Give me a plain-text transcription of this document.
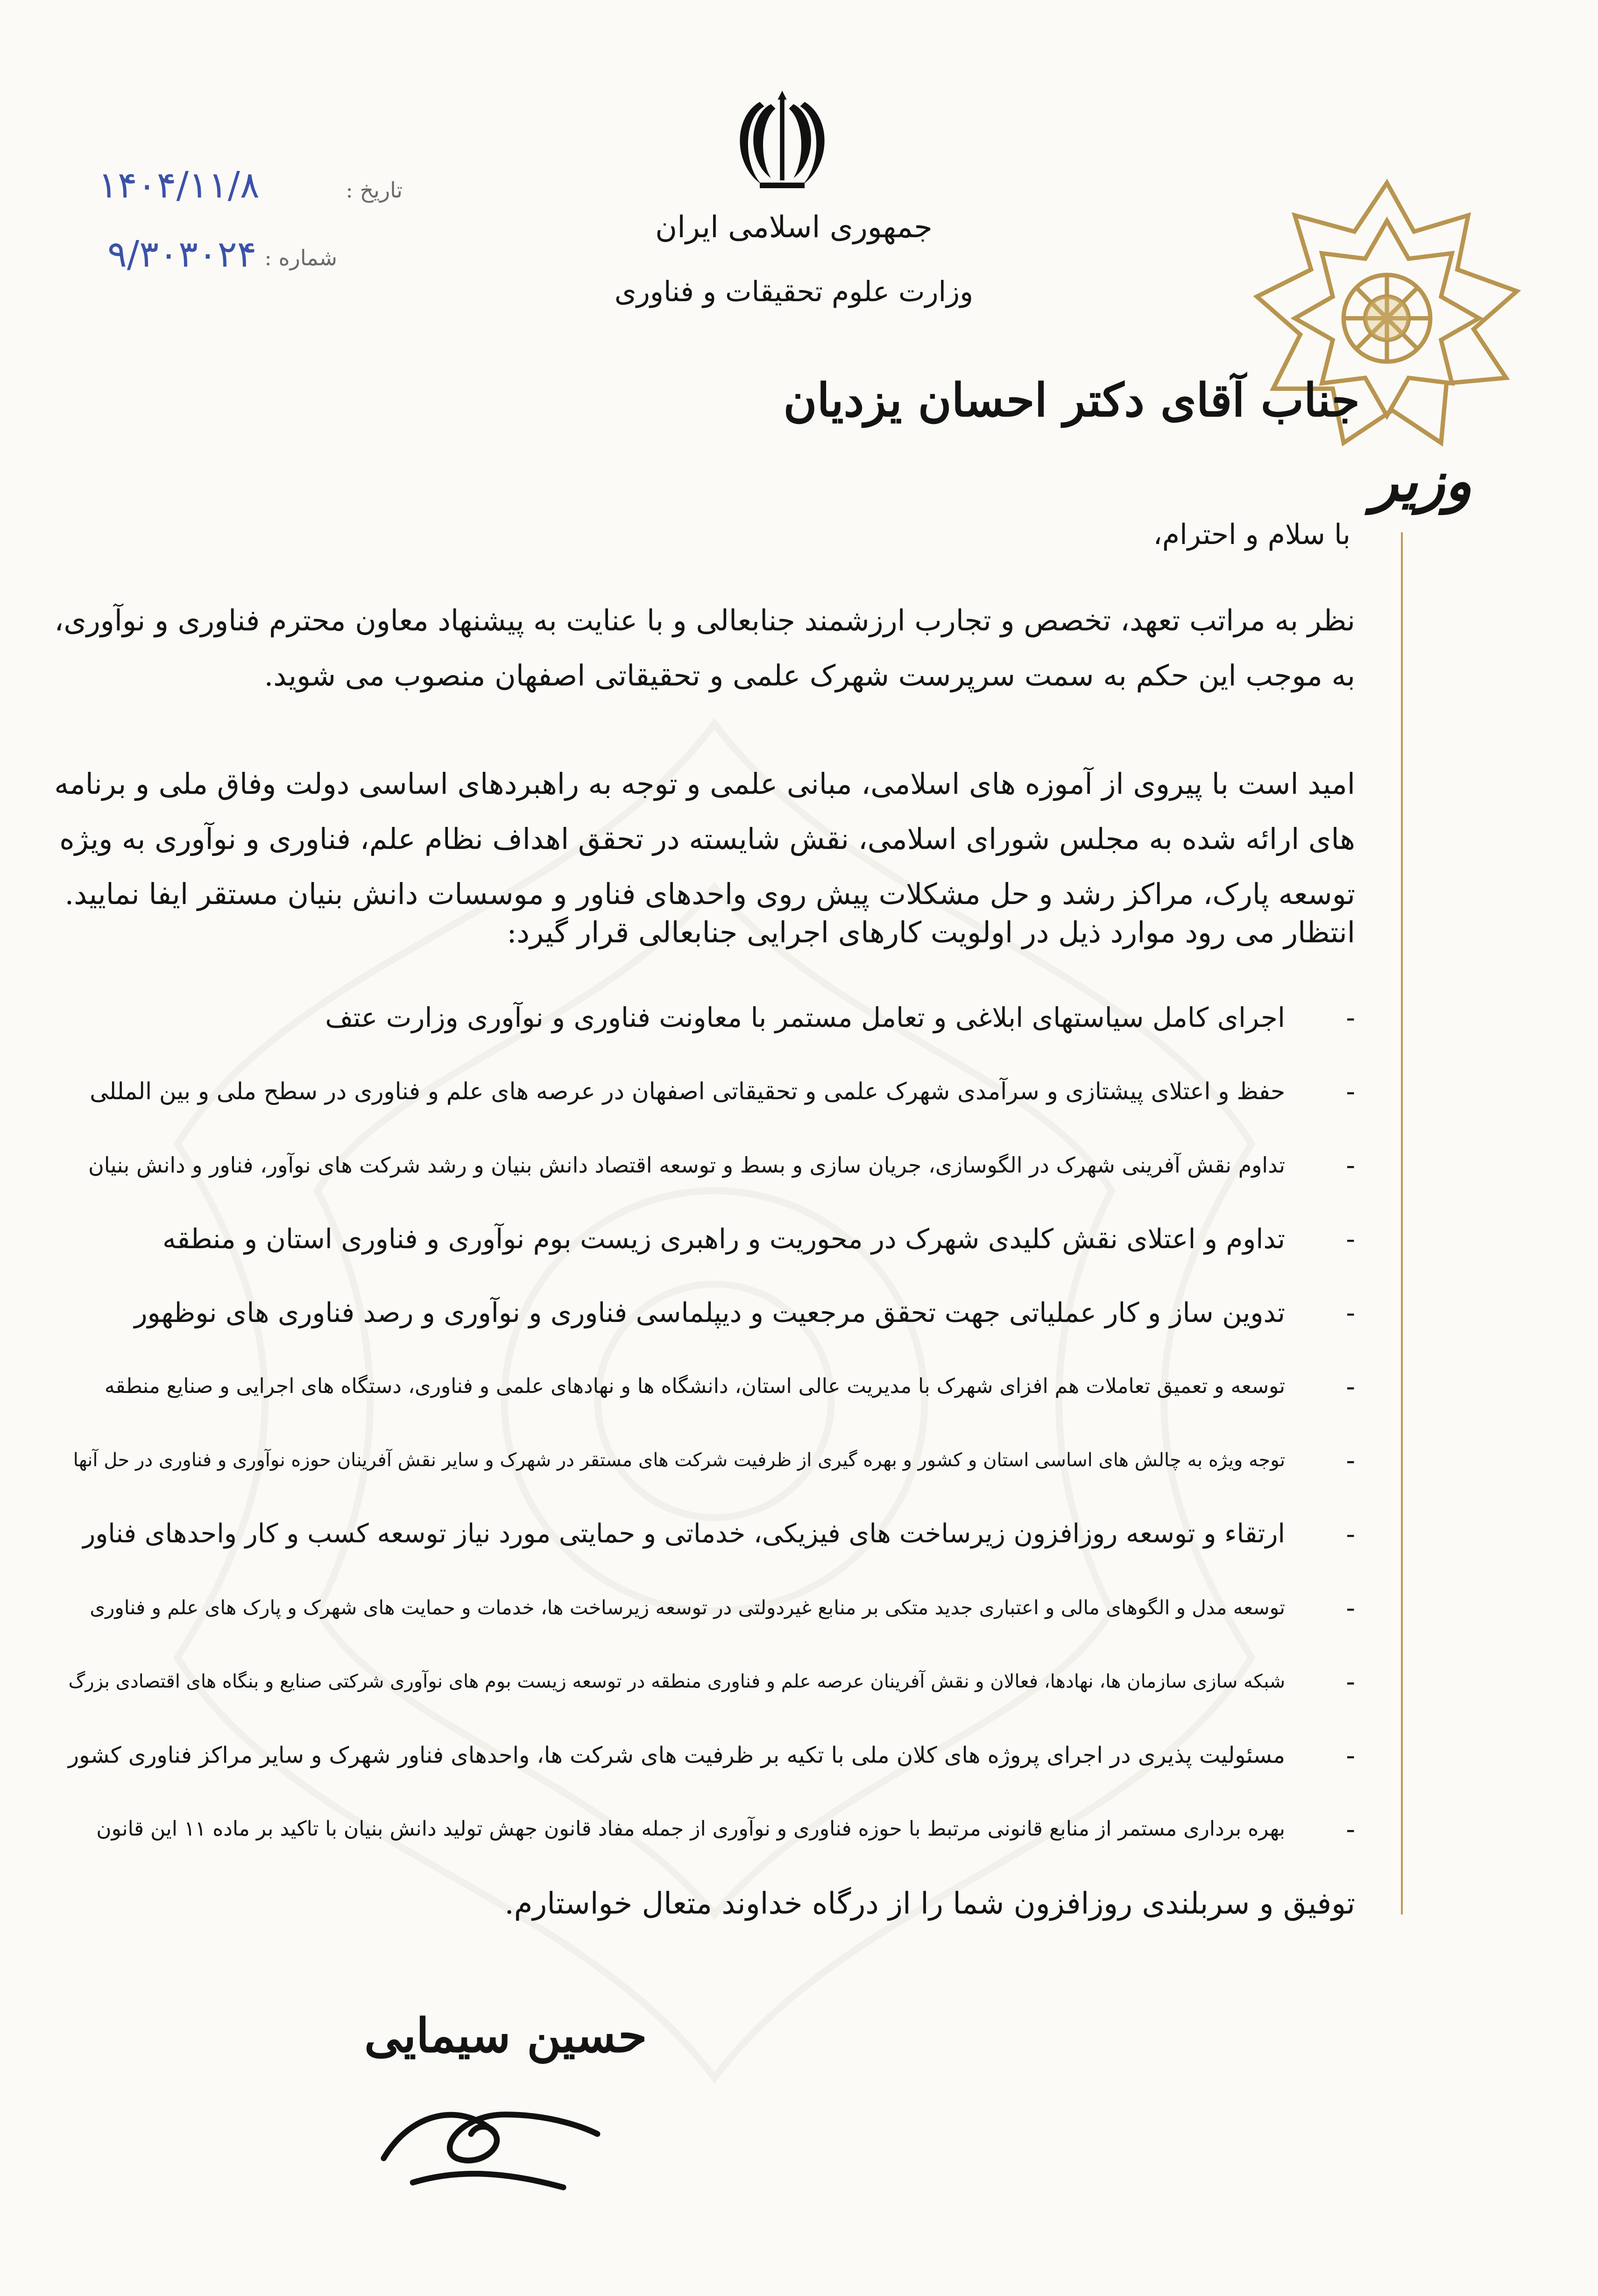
جمهوری اسلامی ایران
وزارت علوم تحقیقات و فناوری
تاریخ :
۱۴۰۴/۱۱/۸
شماره :
۹/۳۰۳۰۲۴
جناب آقای دکتر احسان یزدیان
وزیر
با سلام و احترام،
نظر به مراتب تعهد، تخصص و تجارب ارزشمند جنابعالی و با عنایت به پیشنهاد معاون محترم فناوری و نوآوری، به موجب این حکم به سمت سرپرست شهرک علمی و تحقیقاتی اصفهان منصوب می شوید.
امید است با پیروی از آموزه های اسلامی، مبانی علمی و توجه به راهبردهای اساسی دولت وفاق ملی و برنامه های ارائه شده به مجلس شورای اسلامی، نقش شایسته در تحقق اهداف نظام علم، فناوری و نوآوری به ویژه توسعه پارک، مراکز رشد و حل مشکلات پیش روی واحدهای فناور و موسسات دانش بنیان مستقر ایفا نمایید.
انتظار می رود موارد ذیل در اولویت کارهای اجرایی جنابعالی قرار گیرد:
- اجرای کامل سیاستهای ابلاغی و تعامل مستمر با معاونت فناوری و نوآوری وزارت عتف
- حفظ و اعتلای پیشتازی و سرآمدی شهرک علمی و تحقیقاتی اصفهان در عرصه های علم و فناوری در سطح ملی و بین المللی
- تداوم نقش آفرینی شهرک در الگوسازی، جریان سازی و بسط و توسعه اقتصاد دانش بنیان و رشد شرکت های نوآور، فناور و دانش بنیان
- تداوم و اعتلای نقش کلیدی شهرک در محوریت و راهبری زیست بوم نوآوری و فناوری استان و منطقه
- تدوین ساز و کار عملیاتی جهت تحقق مرجعیت و دیپلماسی فناوری و نوآوری و رصد فناوری های نوظهور
- توسعه و تعمیق تعاملات هم افزای شهرک با مدیریت عالی استان، دانشگاه ها و نهادهای علمی و فناوری، دستگاه های اجرایی و صنایع منطقه
- توجه ویژه به چالش های اساسی استان و کشور و بهره گیری از ظرفیت شرکت های مستقر در شهرک و سایر نقش آفرینان حوزه نوآوری و فناوری در حل آنها
- ارتقاء و توسعه روزافزون زیرساخت های فیزیکی، خدماتی و حمایتی مورد نیاز توسعه کسب و کار واحدهای فناور
- توسعه مدل و الگوهای مالی و اعتباری جدید متکی بر منابع غیردولتی در توسعه زیرساخت ها، خدمات و حمایت های شهرک و پارک های علم و فناوری
- شبکه سازی سازمان ها، نهادها، فعالان و نقش آفرینان عرصه علم و فناوری منطقه در توسعه زیست بوم های نوآوری شرکتی صنایع و بنگاه های اقتصادی بزرگ
- مسئولیت پذیری در اجرای پروژه های کلان ملی با تکیه بر ظرفیت های شرکت ها، واحدهای فناور شهرک و سایر مراکز فناوری کشور
- بهره برداری مستمر از منابع قانونی مرتبط با حوزه فناوری و نوآوری از جمله مفاد قانون جهش تولید دانش بنیان با تاکید بر ماده ۱۱ این قانون
توفیق و سربلندی روزافزون شما را از درگاه خداوند متعال خواستارم.
حسین سیمایی
